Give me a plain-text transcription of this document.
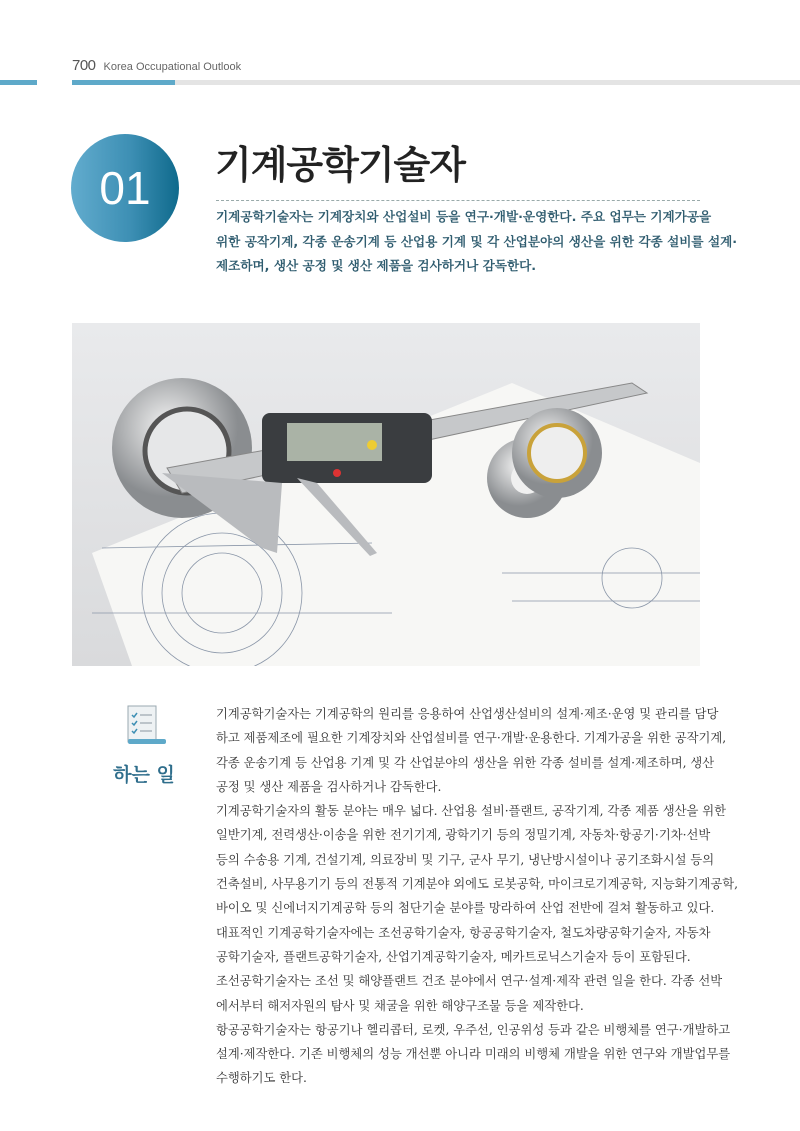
700 Korea Occupational Outlook
01	기계공학기술자
기계공학기술자는 기계장치와 산업설비 등을 연구·개발·운영한다. 주요 업무는 기계가공을
위한 공작기계, 각종 운송기계 등 산업용 기계 및 각 산업분야의 생산을 위한 각종 설비를 설계·
제조하며, 생산 공정 및 생산 제품을 검사하거나 감독한다.
하는 일
기계공학기술자는 기계공학의 원리를 응용하여 산업생산설비의 설계·제조·운영 및 관리를 담당
하고 제품제조에 필요한 기계장치와 산업설비를 연구·개발·운용한다. 기계가공을 위한 공작기계,
각종 운송기계 등 산업용 기계 및 각 산업분야의 생산을 위한 각종 설비를 설계·제조하며, 생산
공정 및 생산 제품을 검사하거나 감독한다.
기계공학기술자의 활동 분야는 매우 넓다. 산업용 설비·플랜트, 공작기계, 각종 제품 생산을 위한
일반기계, 전력생산·이송을 위한 전기기계, 광학기기 등의 정밀기계, 자동차·항공기·기차·선박
등의 수송용 기계, 건설기계, 의료장비 및 기구, 군사 무기, 냉난방시설이나 공기조화시설 등의
건축설비, 사무용기기 등의 전통적 기계분야 외에도 로봇공학, 마이크로기계공학, 지능화기계공학,
바이오 및 신에너지기계공학 등의 첨단기술 분야를 망라하여 산업 전반에 걸쳐 활동하고 있다.
대표적인 기계공학기술자에는 조선공학기술자, 항공공학기술자, 철도차량공학기술자, 자동차
공학기술자, 플랜트공학기술자, 산업기계공학기술자, 메카트로닉스기술자 등이 포함된다.
조선공학기술자는 조선 및 해양플랜트 건조 분야에서 연구·설계·제작 관련 일을 한다. 각종 선박
에서부터 해저자원의 탐사 및 채굴을 위한 해양구조물 등을 제작한다.
항공공학기술자는 항공기나 헬리콥터, 로켓, 우주선, 인공위성 등과 같은 비행체를 연구·개발하고
설계·제작한다. 기존 비행체의 성능 개선뿐 아니라 미래의 비행체 개발을 위한 연구와 개발업무를
수행하기도 한다.
